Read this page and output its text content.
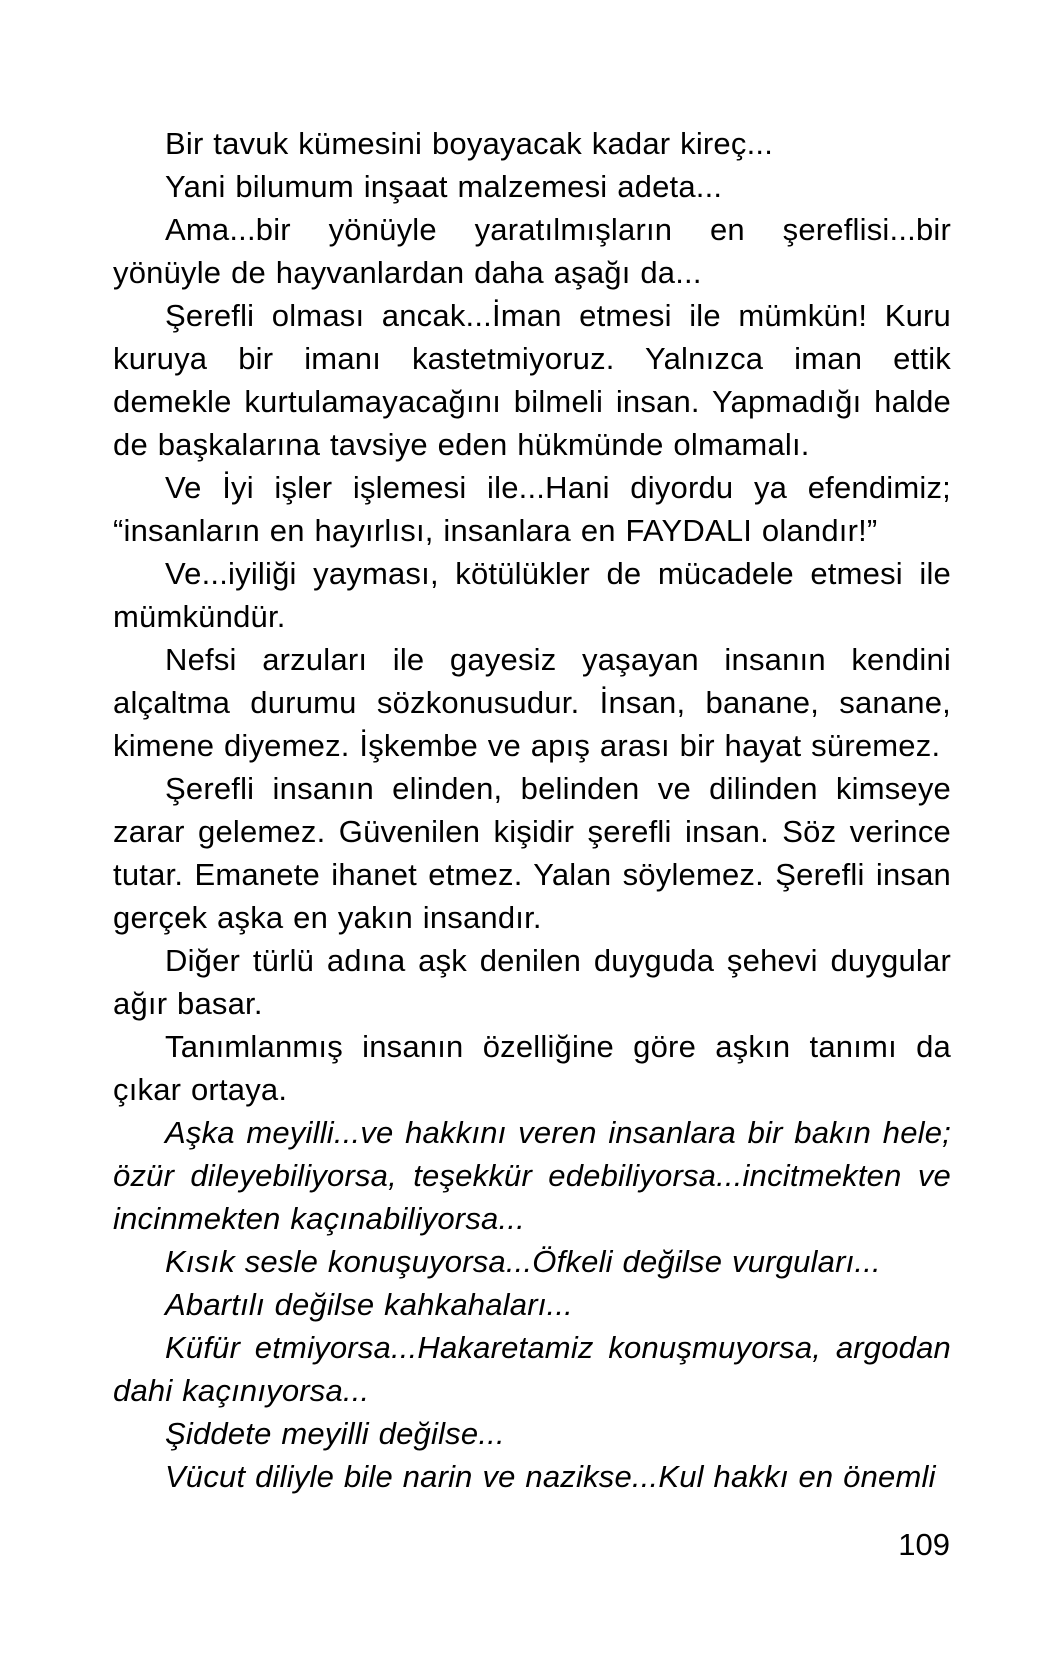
Bir tavuk kümesini boyayacak kadar kireç...

Yani bilumum inşaat malzemesi adeta...

Ama...bir yönüyle yaratılmışların en şereflisi...bir yönüyle de hayvanlardan daha aşağı da...

Şerefli olması ancak...İman etmesi ile mümkün! Kuru kuruya bir imanı kastetmiyoruz. Yalnızca iman ettik demekle kurtulamayacağını bilmeli insan. Yapmadığı halde de başkalarına tavsiye eden hükmünde olmamalı.

Ve İyi işler işlemesi ile...Hani diyordu ya efendimiz; “insanların en hayırlısı, insanlara en FAYDALI olandır!”

Ve...iyiliği yayması, kötülükler de mücadele etmesi ile mümkündür.

Nefsi arzuları ile gayesiz yaşayan insanın kendini alçaltma durumu sözkonusudur. İnsan, banane, sanane, kimene diyemez. İşkembe ve apış arası bir hayat süremez.

Şerefli insanın elinden, belinden ve dilinden kimseye zarar gelemez. Güvenilen kişidir şerefli insan. Söz verince tutar. Emanete ihanet etmez. Yalan söylemez. Şerefli insan gerçek aşka en yakın insandır.

Diğer türlü adına aşk denilen duyguda şehevi duygular ağır basar.

Tanımlanmış insanın özelliğine göre aşkın tanımı da çıkar ortaya.

Aşka meyilli...ve hakkını veren insanlara bir bakın hele; özür dileyebiliyorsa, teşekkür edebiliyorsa...incitmekten ve incinmekten kaçınabiliyorsa...

Kısık sesle konuşuyorsa...Öfkeli değilse vurguları...

Abartılı değilse kahkahaları...

Küfür etmiyorsa...Hakaretamiz konuşmuyorsa, argodan dahi kaçınıyorsa...

Şiddete meyilli değilse...

Vücut diliyle bile narin ve nazikse...Kul hakkı en önemli

109
